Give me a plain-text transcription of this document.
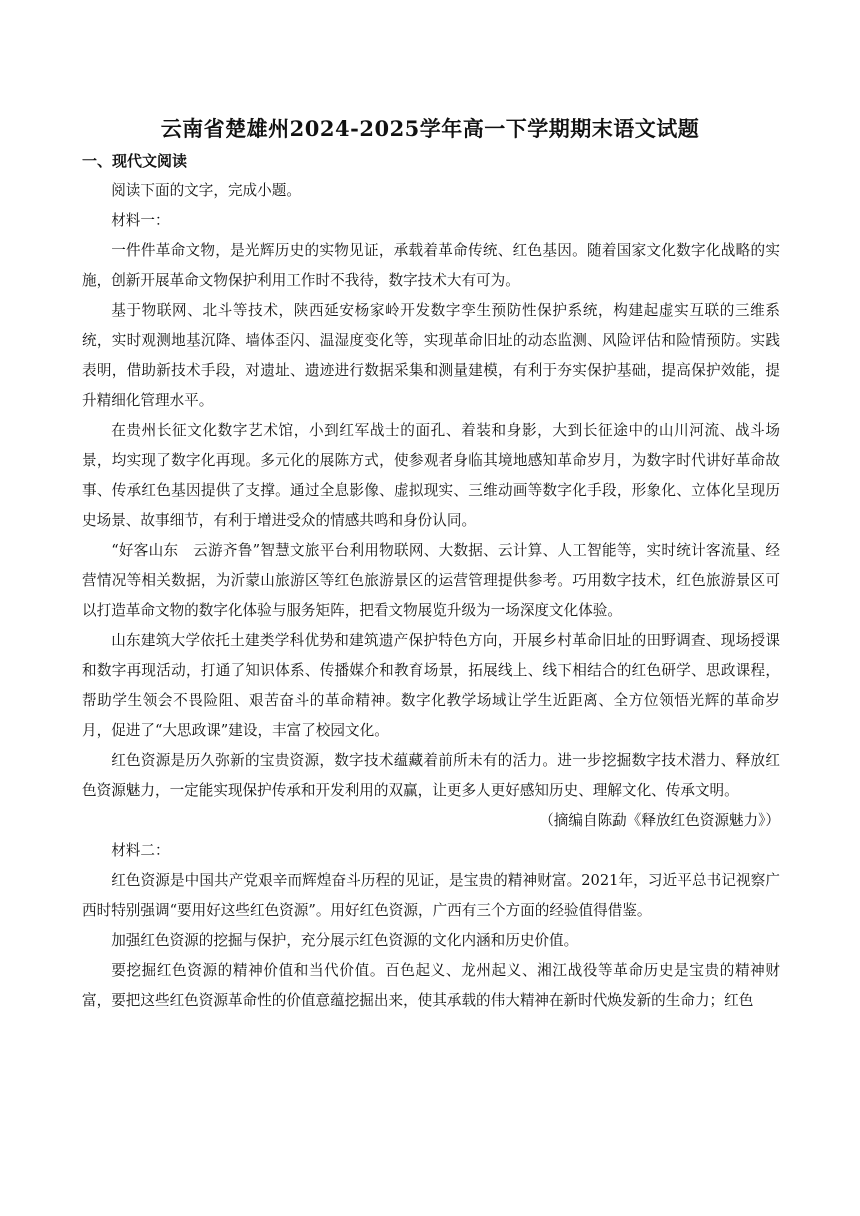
云南省楚雄州2024-2025学年高一下学期期末语文试题
一、现代文阅读

阅读下面的文字，完成小题。

材料一：

一件件革命文物，是光辉历史的实物见证，承载着革命传统、红色基因。随着国家文化数字化战略的实施，创新开展革命文物保护利用工作时不我待，数字技术大有可为。

基于物联网、北斗等技术，陕西延安杨家岭开发数字孪生预防性保护系统，构建起虚实互联的三维系统，实时观测地基沉降、墙体歪闪、温湿度变化等，实现革命旧址的动态监测、风险评估和险情预防。实践表明，借助新技术手段，对遗址、遗迹进行数据采集和测量建模，有利于夯实保护基础，提高保护效能，提升精细化管理水平。

在贵州长征文化数字艺术馆，小到红军战士的面孔、着装和身影，大到长征途中的山川河流、战斗场景，均实现了数字化再现。多元化的展陈方式，使参观者身临其境地感知革命岁月，为数字时代讲好革命故事、传承红色基因提供了支撑。通过全息影像、虚拟现实、三维动画等数字化手段，形象化、立体化呈现历史场景、故事细节，有利于增进受众的情感共鸣和身份认同。

“好客山东　云游齐鲁”智慧文旅平台利用物联网、大数据、云计算、人工智能等，实时统计客流量、经营情况等相关数据，为沂蒙山旅游区等红色旅游景区的运营管理提供参考。巧用数字技术，红色旅游景区可以打造革命文物的数字化体验与服务矩阵，把看文物展览升级为一场深度文化体验。

山东建筑大学依托土建类学科优势和建筑遗产保护特色方向，开展乡村革命旧址的田野调查、现场授课和数字再现活动，打通了知识体系、传播媒介和教育场景，拓展线上、线下相结合的红色研学、思政课程，帮助学生领会不畏险阻、艰苦奋斗的革命精神。数字化教学场域让学生近距离、全方位领悟光辉的革命岁月，促进了“大思政课”建设，丰富了校园文化。

红色资源是历久弥新的宝贵资源，数字技术蕴藏着前所未有的活力。进一步挖掘数字技术潜力、释放红色资源魅力，一定能实现保护传承和开发利用的双赢，让更多人更好感知历史、理解文化、传承文明。

（摘编自陈勐《释放红色资源魅力》）

材料二：

红色资源是中国共产党艰辛而辉煌奋斗历程的见证，是宝贵的精神财富。2021年，习近平总书记视察广西时特别强调“要用好这些红色资源”。用好红色资源，广西有三个方面的经验值得借鉴。

加强红色资源的挖掘与保护，充分展示红色资源的文化内涵和历史价值。

要挖掘红色资源的精神价值和当代价值。百色起义、龙州起义、湘江战役等革命历史是宝贵的精神财富，要把这些红色资源革命性的价值意蕴挖掘出来，使其承载的伟大精神在新时代焕发新的生命力；红色
